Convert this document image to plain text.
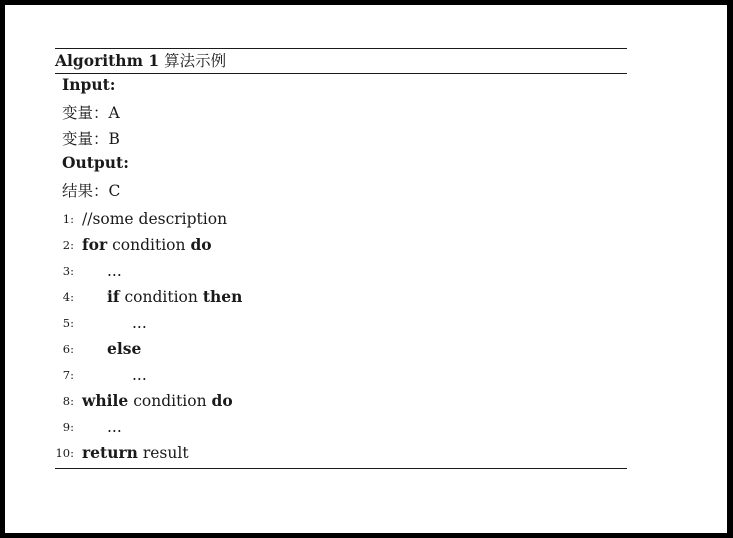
Algorithm 1 算法示例
Input:
变量：A
变量：B
Output:
结果：C
1: //some description
2: for condition do
3: ...
4: if condition then
5:	...
6: else
7:	...
8: while condition do
9: ...
10: return result
